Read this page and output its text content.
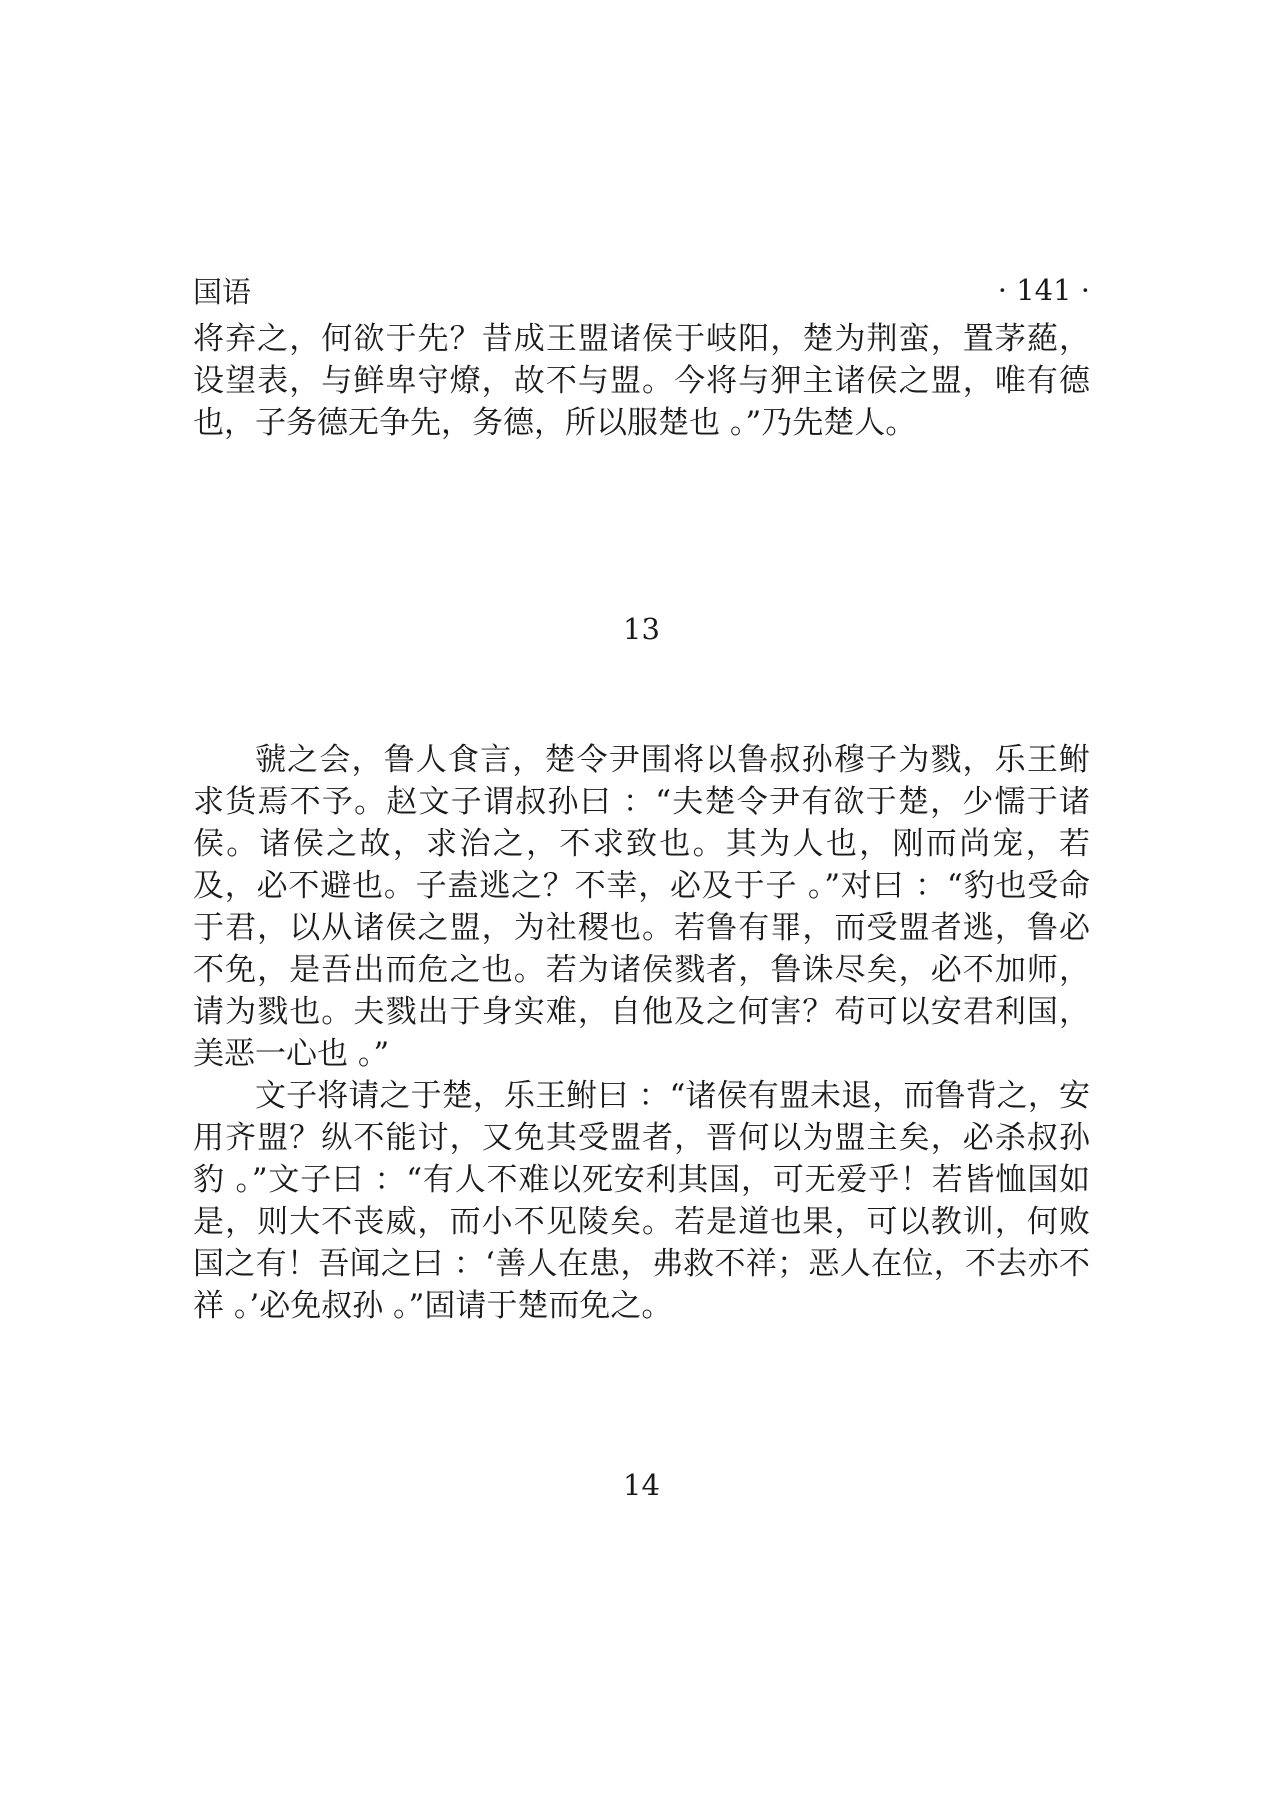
国语	· 141 ·

将弃之，何欲于先？昔成王盟诸侯于岐阳，楚为荆蛮，置茅蕝，设望表，与鲜卑守燎，故不与盟。今将与狎主诸侯之盟，唯有德也，子务德无争先，务德，所以服楚也 。”乃先楚人。

13

虢之会，鲁人食言，楚令尹围将以鲁叔孙穆子为戮，乐王鲋求货焉不予。赵文子谓叔孙曰 ：“夫楚令尹有欲于楚，少懦于诸侯。诸侯之故，求治之，不求致也。其为人也，刚而尚宠，若及，必不避也。子盍逃之？不幸，必及于子 。”对曰 ：“豹也受命于君，以从诸侯之盟，为社稷也。若鲁有罪，而受盟者逃，鲁必不免，是吾出而危之也。若为诸侯戮者，鲁诛尽矣，必不加师，请为戮也。夫戮出于身实难，自他及之何害？苟可以安君利国，美恶一心也 。”

文子将请之于楚，乐王鲋曰 ：“诸侯有盟未退，而鲁背之，安用齐盟？纵不能讨，又免其受盟者，晋何以为盟主矣，必杀叔孙豹 。”文子曰 ：“有人不难以死安利其国，可无爱乎！若皆恤国如是，则大不丧威，而小不见陵矣。若是道也果，可以教训，何败国之有！吾闻之曰 ：‘善人在患，弗救不祥；恶人在位，不去亦不祥 。’必免叔孙 。”固请于楚而免之。

14
